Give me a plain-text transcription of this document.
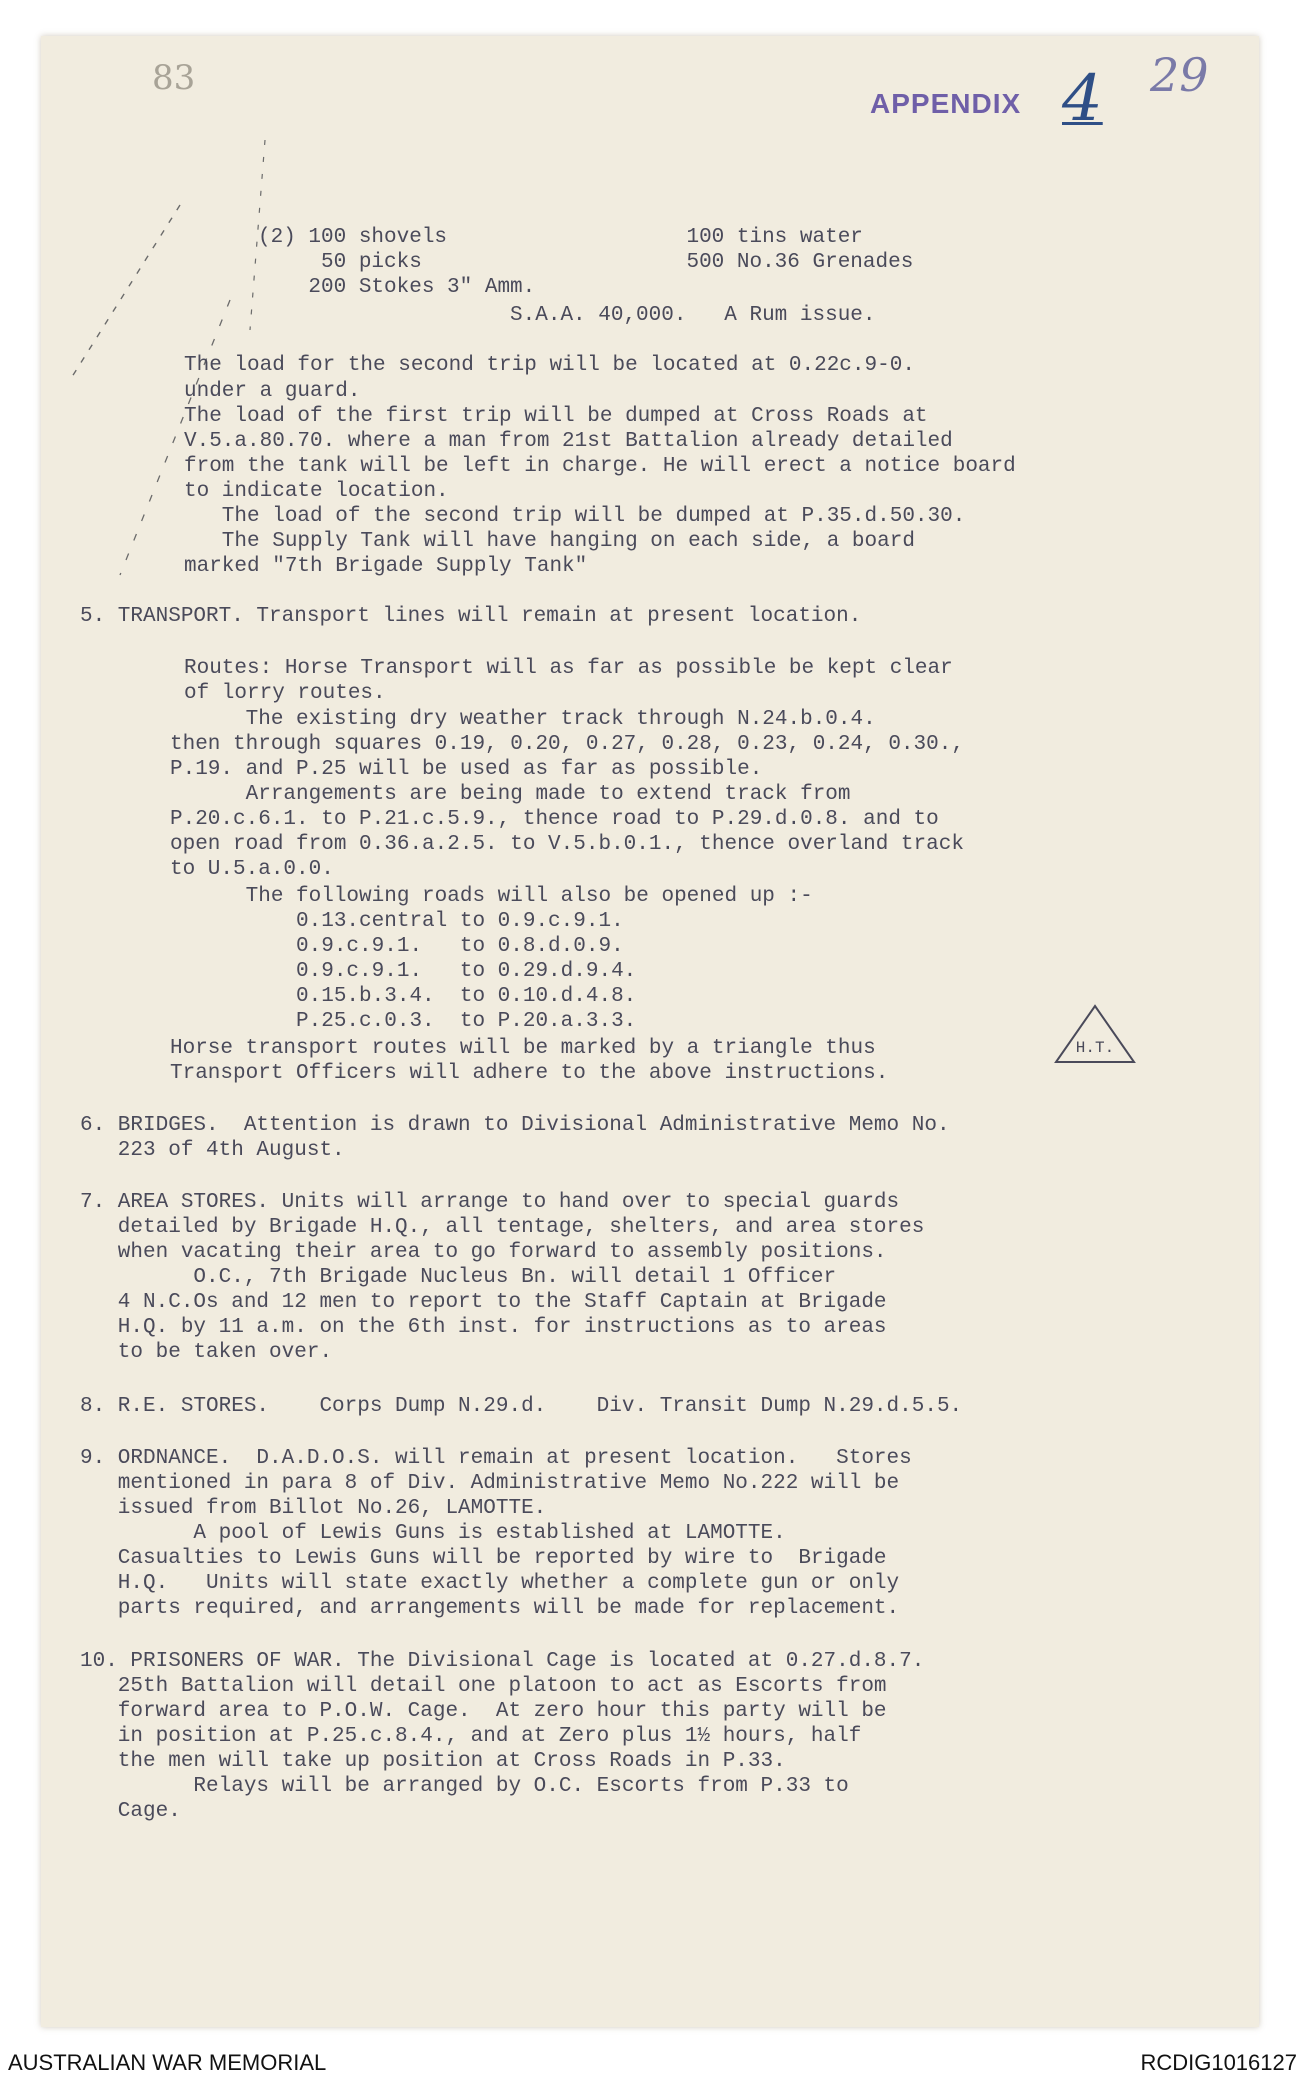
83
APPENDIX 4 29
(2) 100 shovels                   100 tins water
50 picks                     500 No.36 Grenades
200 Stokes 3" Amm.
S.A.A. 40,000.   A Rum issue.
The load for the second trip will be located at 0.22c.9-0.
under a guard.
The load of the first trip will be dumped at Cross Roads at
V.5.a.80.70. where a man from 21st Battalion already detailed
from the tank will be left in charge. He will erect a notice board
to indicate location.
The load of the second trip will be dumped at P.35.d.50.30.
The Supply Tank will have hanging on each side, a board
marked "7th Brigade Supply Tank"
5. TRANSPORT. Transport lines will remain at present location.
Routes: Horse Transport will as far as possible be kept clear
of lorry routes.
The existing dry weather track through N.24.b.0.4.
then through squares 0.19, 0.20, 0.27, 0.28, 0.23, 0.24, 0.30.,
P.19. and P.25 will be used as far as possible.
Arrangements are being made to extend track from
P.20.c.6.1. to P.21.c.5.9., thence road to P.29.d.0.8. and to
open road from 0.36.a.2.5. to V.5.b.0.1., thence overland track
to U.5.a.0.0.
The following roads will also be opened up :-
0.13.central to 0.9.c.9.1.
0.9.c.9.1.   to 0.8.d.0.9.
0.9.c.9.1.   to 0.29.d.9.4.
0.15.b.3.4.  to 0.10.d.4.8.
P.25.c.0.3.  to P.20.a.3.3.
Horse transport routes will be marked by a triangle thus
Transport Officers will adhere to the above instructions.
H.T.
6. BRIDGES.  Attention is drawn to Divisional Administrative Memo No.
223 of 4th August.
7. AREA STORES. Units will arrange to hand over to special guards
detailed by Brigade H.Q., all tentage, shelters, and area stores
when vacating their area to go forward to assembly positions.
O.C., 7th Brigade Nucleus Bn. will detail 1 Officer
4 N.C.Os and 12 men to report to the Staff Captain at Brigade
H.Q. by 11 a.m. on the 6th inst. for instructions as to areas
to be taken over.
8. R.E. STORES.    Corps Dump N.29.d.    Div. Transit Dump N.29.d.5.5.
9. ORDNANCE.  D.A.D.O.S. will remain at present location.   Stores
mentioned in para 8 of Div. Administrative Memo No.222 will be
issued from Billot No.26, LAMOTTE.
A pool of Lewis Guns is established at LAMOTTE.
Casualties to Lewis Guns will be reported by wire to  Brigade
H.Q.   Units will state exactly whether a complete gun or only
parts required, and arrangements will be made for replacement.
10. PRISONERS OF WAR. The Divisional Cage is located at 0.27.d.8.7.
25th Battalion will detail one platoon to act as Escorts from
forward area to P.O.W. Cage.  At zero hour this party will be
in position at P.25.c.8.4., and at Zero plus 1½ hours, half
the men will take up position at Cross Roads in P.33.
Relays will be arranged by O.C. Escorts from P.33 to
Cage.
AUSTRALIAN WAR MEMORIAL	RCDIG1016127
